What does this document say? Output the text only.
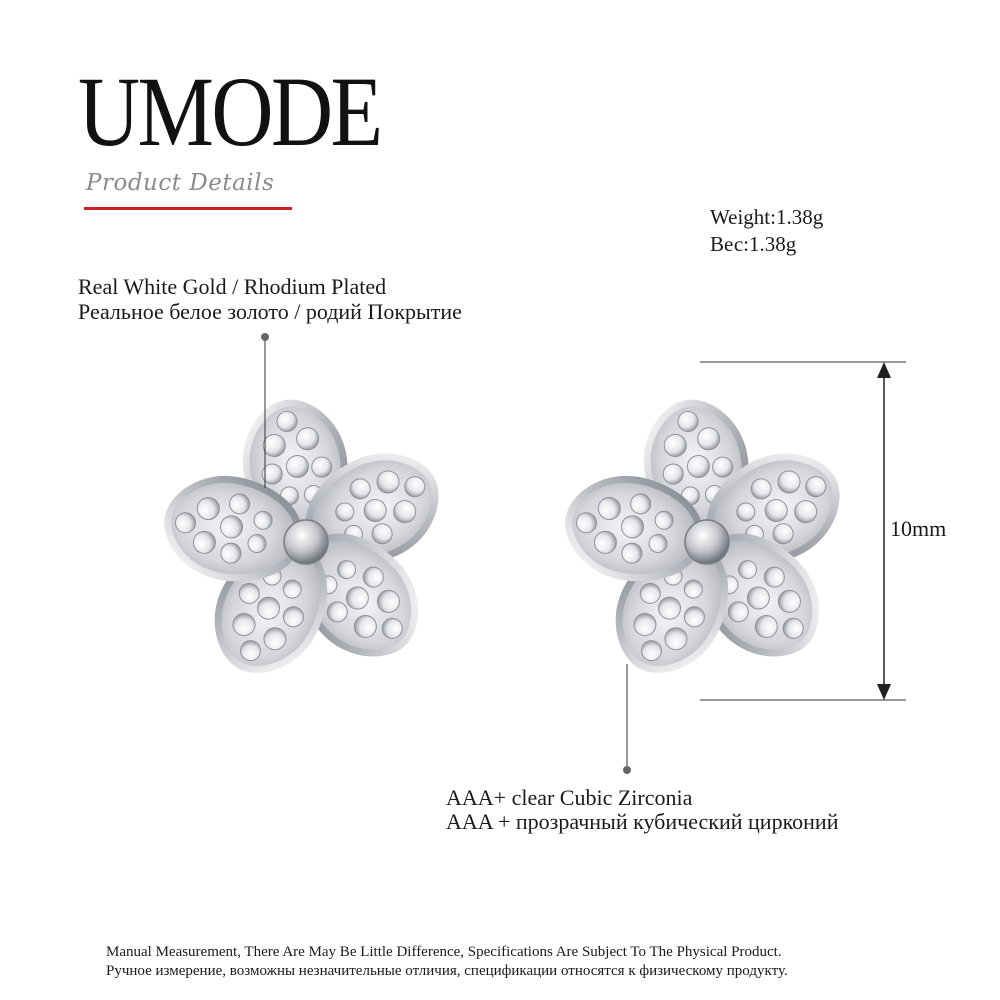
UMODE
Product Details
Weight:1.38g
Вес:1.38g
Real White Gold / Rhodium Plated
Реальное белое золото / родий Покрытие
10mm
AAA+ clear Cubic Zirconia
AAA + прозрачный кубический цирконий
Manual Measurement, There Are May Be Little Difference, Specifications Are Subject To The Physical Product.
Ручное измерение, возможны незначительные отличия, спецификации относятся к физическому продукту.
